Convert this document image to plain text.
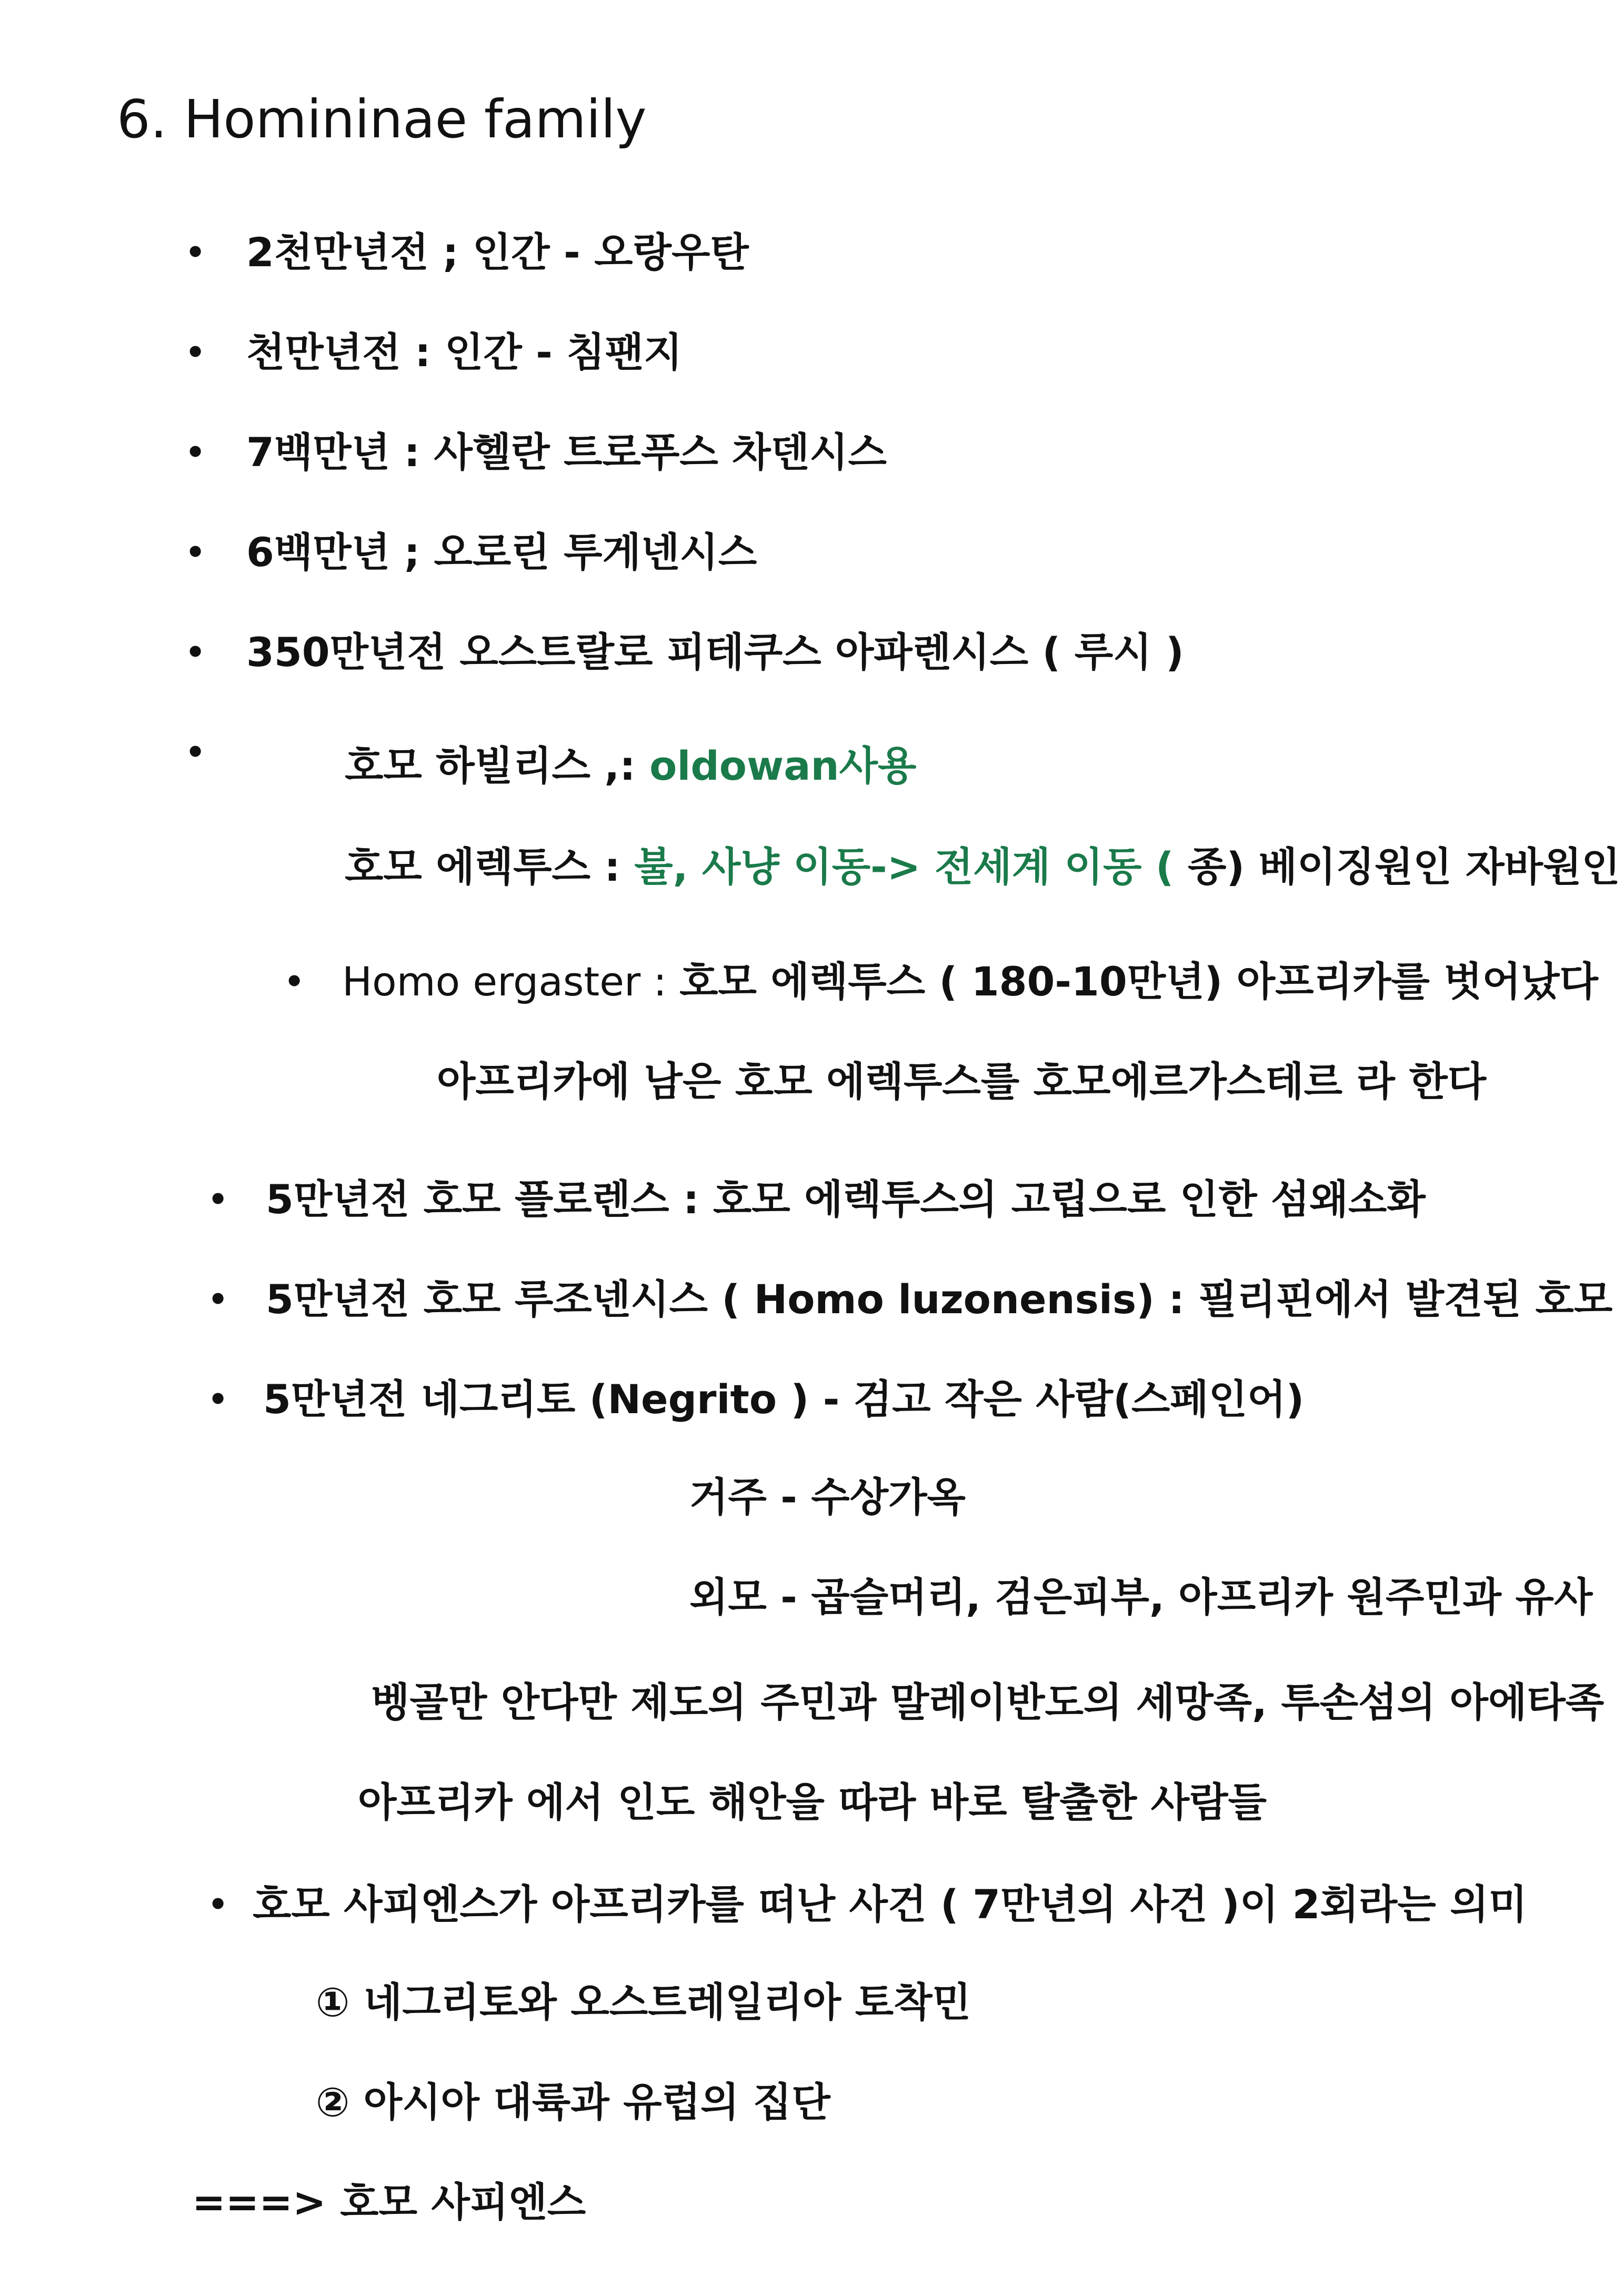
6. Homininae family
•
•
•
•
•
•
•
•
•
•
•
2천만년전 ; 인간 - 오랑우탄
천만년전 : 인간 - 침팬지
7백만년 : 사헬란 트로푸스 차덴시스
6백만년 ; 오로린 투게넨시스
350만년전 오스트랄로 피테쿠스 아파렌시스 ( 루시 )
호모 하빌리스 ,: oldowan사용
호모 에렉투스 : 불, 사냥 이동-> 전세계 이동 ( 종) 베이징원인 자바원인
Homo ergaster : 호모 에렉투스 ( 180-10만년) 아프리카를 벗어났다
아프리카에 남은 호모 에렉투스를 호모에르가스테르 라 한다
5만년전 호모 플로렌스 : 호모 에렉투스의 고립으로 인한 섬왜소화
5만년전 호모 루조넨시스 ( Homo luzonensis) : 필리핀에서 발견된 호모
5만년전 네그리토 (Negrito ) - 검고 작은 사람(스페인어)
거주 - 수상가옥
외모 - 곱슬머리, 검은피부, 아프리카 원주민과 유사
벵골만 안다만 제도의 주민과 말레이반도의 세망족, 투손섬의 아에타족
아프리카 에서 인도 해안을 따라 바로 탈출한 사람들
호모 사피엔스가 아프리카를 떠난 사건 ( 7만년의 사건 )이 2회라는 의미
① 네그리토와 오스트레일리아 토착민
② 아시아 대륙과 유럽의 집단
===> 호모 사피엔스
